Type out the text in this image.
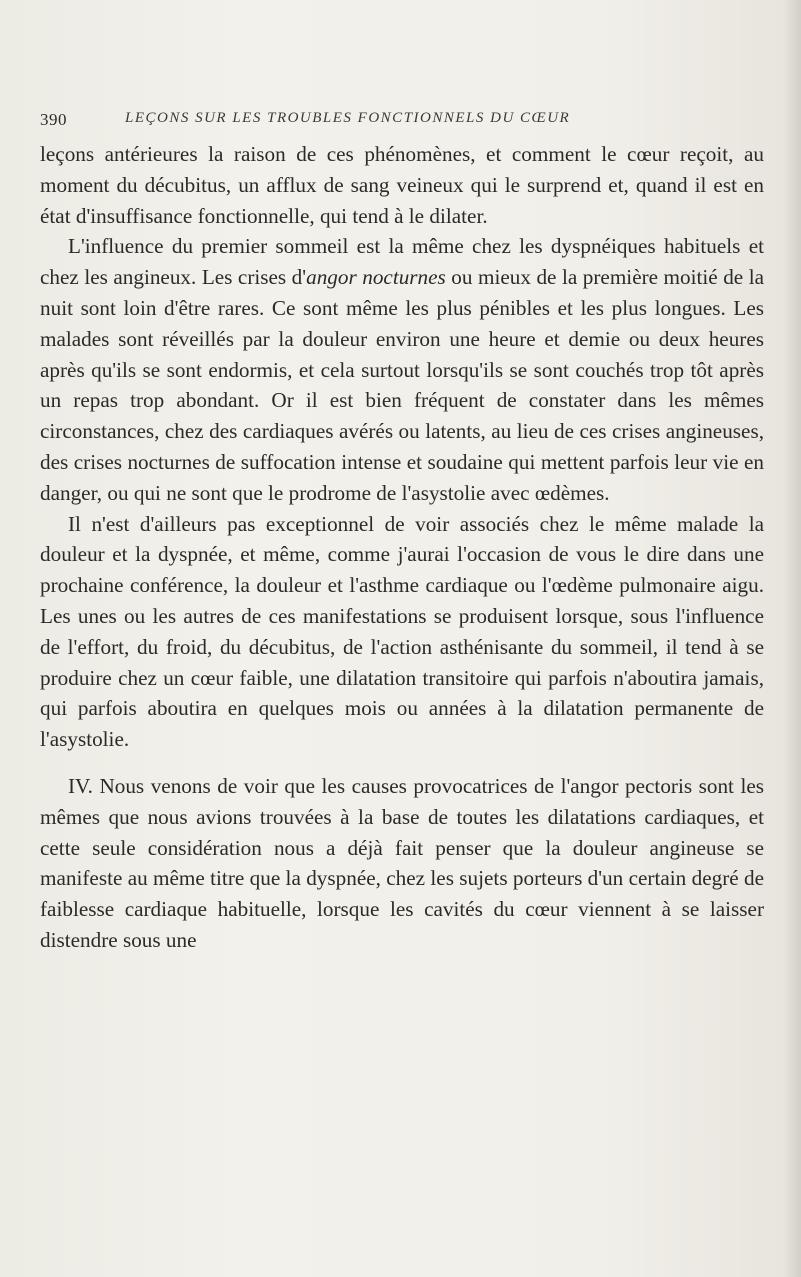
390	LEÇONS SUR LES TROUBLES FONCTIONNELS DU CŒUR

leçons antérieures la raison de ces phénomènes, et comment le cœur reçoit, au moment du décubitus, un afflux de sang veineux qui le surprend et, quand il est en état d'insuffisance fonctionnelle, qui tend à le dilater.

L'influence du premier sommeil est la même chez les dyspnéiques habituels et chez les angineux. Les crises d'angor nocturnes ou mieux de la première moitié de la nuit sont loin d'être rares. Ce sont même les plus pénibles et les plus longues. Les malades sont réveillés par la douleur environ une heure et demie ou deux heures après qu'ils se sont endormis, et cela surtout lorsqu'ils se sont couchés trop tôt après un repas trop abondant. Or il est bien fréquent de constater dans les mêmes circonstances, chez des cardiaques avérés ou latents, au lieu de ces crises angineuses, des crises nocturnes de suffocation intense et soudaine qui mettent parfois leur vie en danger, ou qui ne sont que le prodrome de l'asystolie avec œdèmes.

Il n'est d'ailleurs pas exceptionnel de voir associés chez le même malade la douleur et la dyspnée, et même, comme j'aurai l'occasion de vous le dire dans une prochaine conférence, la douleur et l'asthme cardiaque ou l'œdème pulmonaire aigu. Les unes ou les autres de ces manifestations se produisent lorsque, sous l'influence de l'effort, du froid, du décubitus, de l'action asthénisante du sommeil, il tend à se produire chez un cœur faible, une dilatation transitoire qui parfois n'aboutira jamais, qui parfois aboutira en quelques mois ou années à la dilatation permanente de l'asystolie.

IV. Nous venons de voir que les causes provocatrices de l'angor pectoris sont les mêmes que nous avions trouvées à la base de toutes les dilatations cardiaques, et cette seule considération nous a déjà fait penser que la douleur angineuse se manifeste au même titre que la dyspnée, chez les sujets porteurs d'un certain degré de faiblesse cardiaque habituelle, lorsque les cavités du cœur viennent à se laisser distendre sous une
